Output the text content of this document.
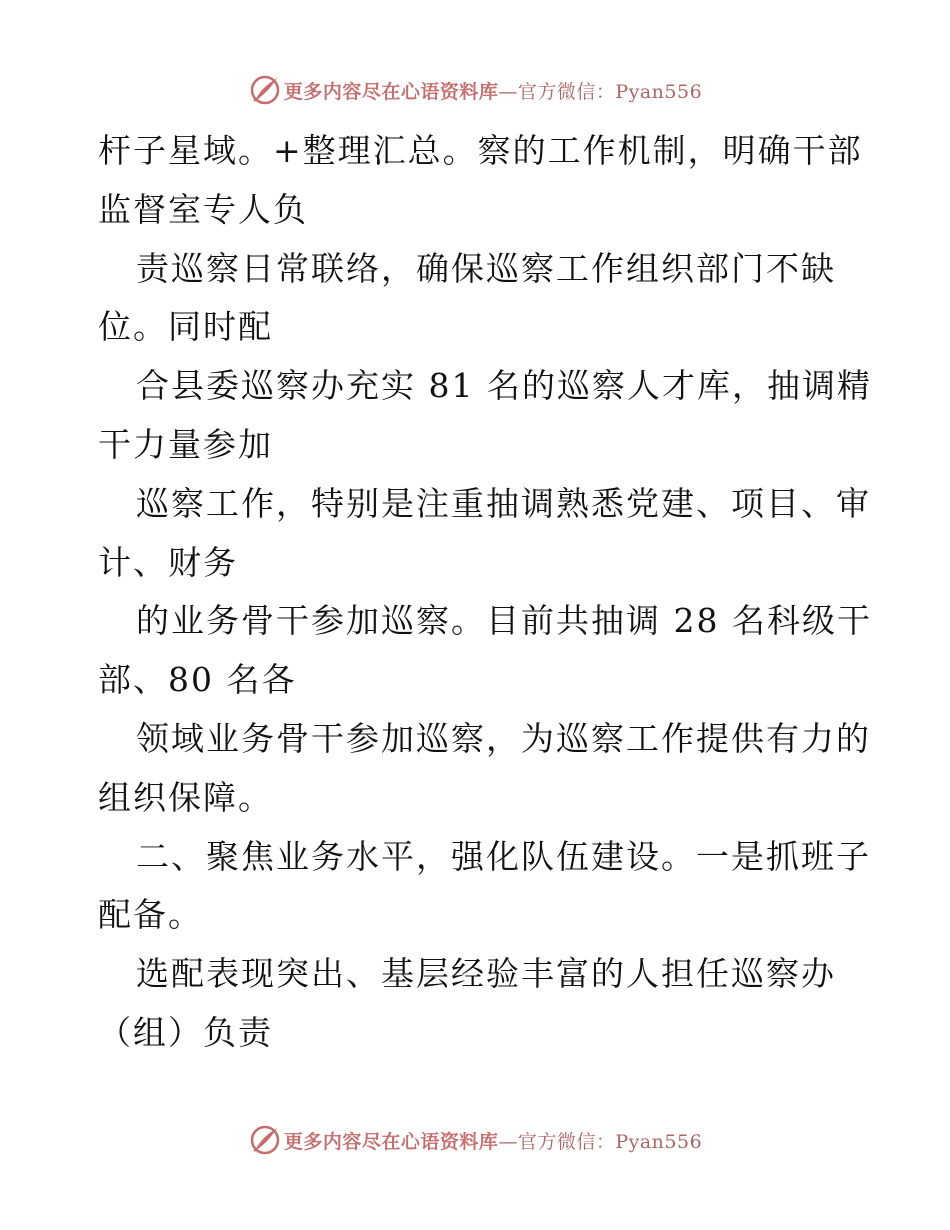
更多内容尽在心语资料库—官方微信：Pyan556
杆子星域。+整理汇总。察的工作机制，明确干部
监督室专人负
责巡察日常联络，确保巡察工作组织部门不缺
位。同时配
合县委巡察办充实 81 名的巡察人才库，抽调精
干力量参加
巡察工作，特别是注重抽调熟悉党建、项目、审
计、财务
的业务骨干参加巡察。目前共抽调 28 名科级干
部、80 名各
领域业务骨干参加巡察，为巡察工作提供有力的
组织保障。
二、聚焦业务水平，强化队伍建设。一是抓班子
配备。
选配表现突出、基层经验丰富的人担任巡察办
（组）负责
更多内容尽在心语资料库—官方微信：Pyan556
